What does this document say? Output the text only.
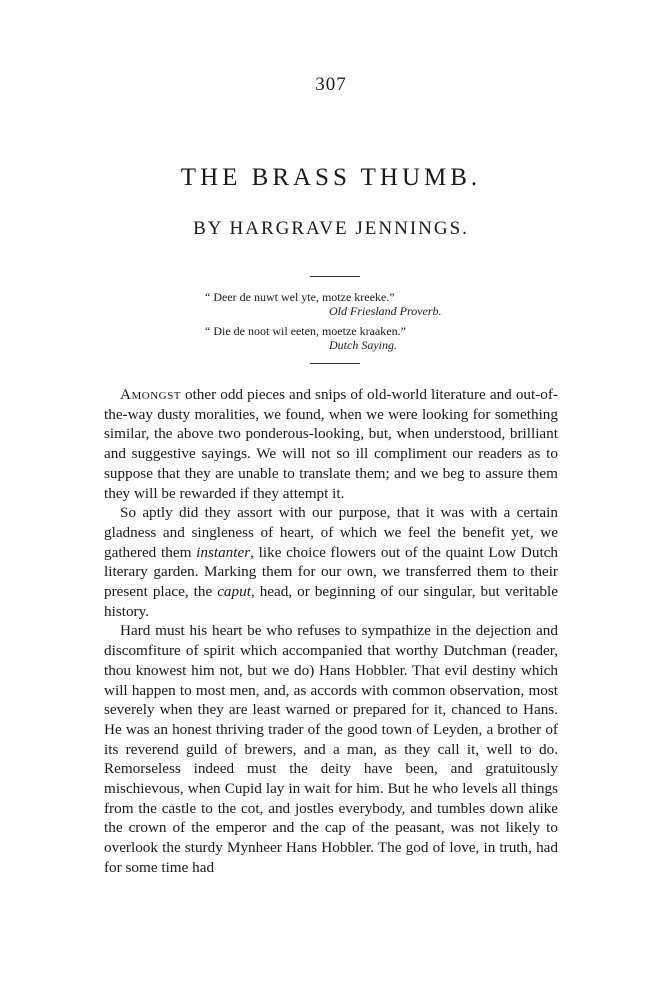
307
THE BRASS THUMB.
BY HARGRAVE JENNINGS.
“ Deer de nuwt wel yte, motze kreeke.”
Old Friesland Proverb.
“ Die de noot wil eeten, moetze kraaken.”
Dutch Saying.

Amongst other odd pieces and snips of old-world literature and out-of-the-way dusty moralities, we found, when we were looking for something similar, the above two ponderous-looking, but, when understood, brilliant and suggestive sayings. We will not so ill compliment our readers as to suppose that they are unable to translate them; and we beg to assure them they will be rewarded if they attempt it.

So aptly did they assort with our purpose, that it was with a certain gladness and singleness of heart, of which we feel the benefit yet, we gathered them instanter, like choice flowers out of the quaint Low Dutch literary garden. Marking them for our own, we transferred them to their present place, the caput, head, or beginning of our singular, but veritable history.

Hard must his heart be who refuses to sympathize in the dejection and discomfiture of spirit which accompanied that worthy Dutchman (reader, thou knowest him not, but we do) Hans Hobbler. That evil destiny which will happen to most men, and, as accords with common observation, most severely when they are least warned or prepared for it, chanced to Hans. He was an honest thriving trader of the good town of Leyden, a brother of its reverend guild of brewers, and a man, as they call it, well to do. Remorseless indeed must the deity have been, and gratuitously mischievous, when Cupid lay in wait for him. But he who levels all things from the castle to the cot, and jostles everybody, and tumbles down alike the crown of the emperor and the cap of the peasant, was not likely to overlook the sturdy Mynheer Hans Hobbler. The god of love, in truth, had for some time had
